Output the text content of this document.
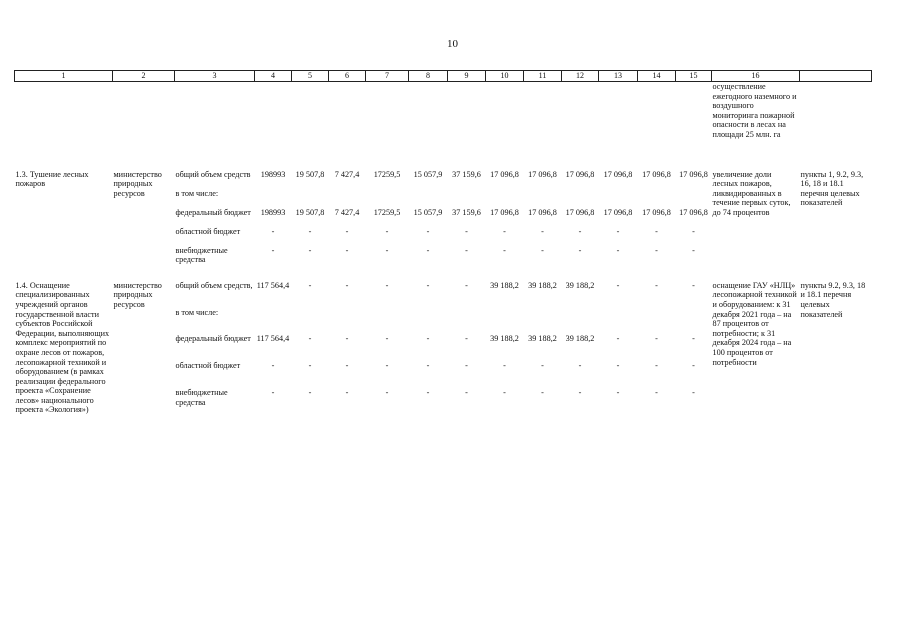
10
1	2	3	4	5	6	7	8	9	10	11	12	13	14	15	16	
															осуществление ежегодного наземного и воздушного мониторинга пожарной опасности в лесах на площади 25 млн. га	

1.3. Тушение лесных пожаров	министерство природных ресурсов	общий объем средств	198993	19 507,8	7 427,4	17259,5	15 057,9	37 159,6	17 096,8	17 096,8	17 096,8	17 096,8	17 096,8	17 096,8	увеличение доли лесных пожаров, ликвидированных в течение первых суток, до 74 процентов	пункты 1, 9.2, 9.3, 16, 18 и 18.1 перечня целевых показателей
		в том числе:														
		федеральный бюджет	198993	19 507,8	7 427,4	17259,5	15 057,9	37 159,6	17 096,8	17 096,8	17 096,8	17 096,8	17 096,8	17 096,8		
		областной бюджет	-	-	-	-	-	-	-	-	-	-	-	-		
		внебюджетные средства	-	-	-	-	-	-	-	-	-	-	-	-		

1.4. Оснащение специализированных учреждений органов государственной власти субъектов Российской Федерации, выполняющих комплекс мероприятий по охране лесов от пожаров, лесопожарной техникой и оборудованием (в рамках реализации федерального проекта «Сохранение лесов» национального проекта «Экология»)	министерство природных ресурсов	общий объем средств,	117 564,4	-	-	-	-	-	39 188,2	39 188,2	39 188,2	-	-	-	оснащение ГАУ «НЛЦ» лесопожарной техникой и оборудованием: к 31 декабря 2021 года – на 87 процентов от потребности; к 31 декабря 2024 года – на 100 процентов от потребности	пункты 9.2, 9.3, 18 и 18.1 перечня целевых показателей
		в том числе:														
		федеральный бюджет	117 564,4	-	-	-	-	-	39 188,2	39 188,2	39 188,2	-	-	-		
		областной бюджет	-	-	-	-	-	-	-	-	-	-	-	-		
		внебюджетные средства	-	-	-	-	-	-	-	-	-	-	-	-		
